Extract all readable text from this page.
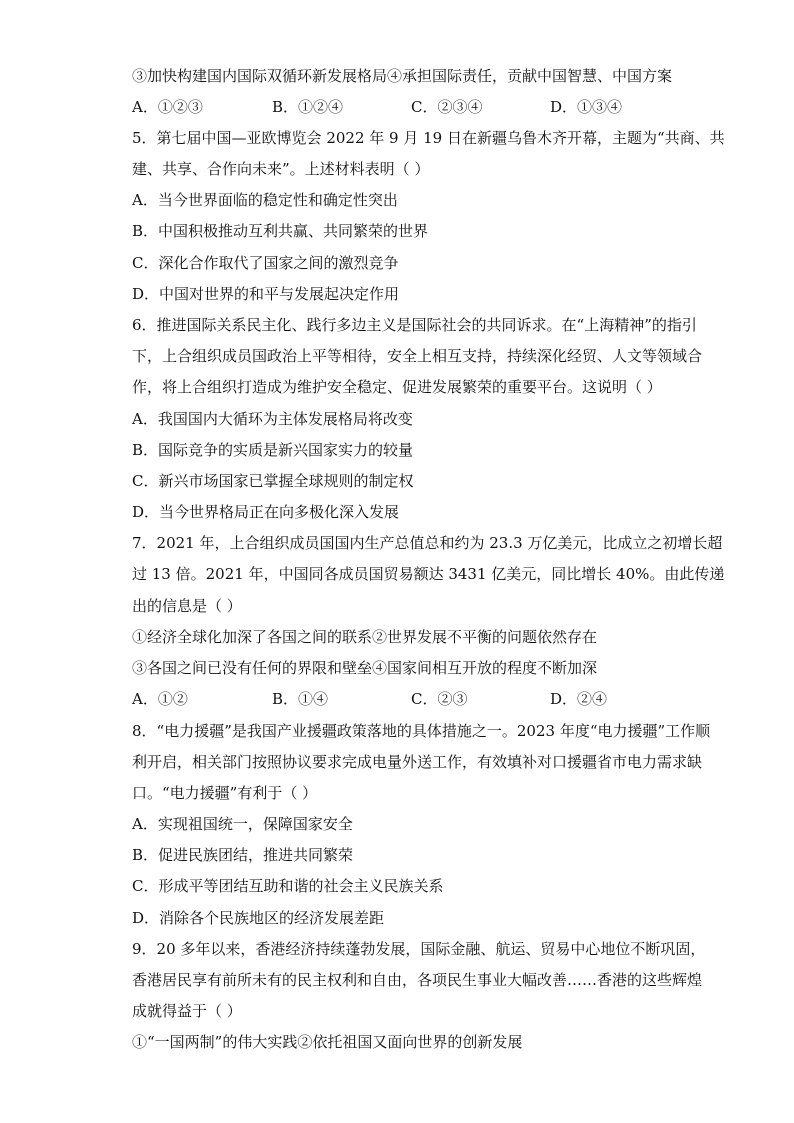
③加快构建国内国际双循环新发展格局④承担国际责任，贡献中国智慧、中国方案
A．①②③	B．①②④	C．②③④	D．①③④
5．第七届中国—亚欧博览会 2022 年 9 月 19 日在新疆乌鲁木齐开幕，主题为“共商、共
建、共享、合作向未来”。上述材料表明（ ）
A．当今世界面临的稳定性和确定性突出
B．中国积极推动互利共赢、共同繁荣的世界
C．深化合作取代了国家之间的激烈竞争
D．中国对世界的和平与发展起决定作用
6．推进国际关系民主化、践行多边主义是国际社会的共同诉求。在“上海精神”的指引
下，上合组织成员国政治上平等相待，安全上相互支持，持续深化经贸、人文等领域合
作，将上合组织打造成为维护安全稳定、促进发展繁荣的重要平台。这说明（ ）
A．我国国内大循环为主体发展格局将改变
B．国际竞争的实质是新兴国家实力的较量
C．新兴市场国家已掌握全球规则的制定权
D．当今世界格局正在向多极化深入发展
7．2021 年，上合组织成员国国内生产总值总和约为 23.3 万亿美元，比成立之初增长超
过 13 倍。2021 年，中国同各成员国贸易额达 3431 亿美元，同比增长 40%。由此传递
出的信息是（ ）
①经济全球化加深了各国之间的联系②世界发展不平衡的问题依然存在
③各国之间已没有任何的界限和壁垒④国家间相互开放的程度不断加深
A．①②	B．①④	C．②③	D．②④
8．“电力援疆”是我国产业援疆政策落地的具体措施之一。2023 年度“电力援疆”工作顺
利开启，相关部门按照协议要求完成电量外送工作，有效填补对口援疆省市电力需求缺
口。“电力援疆”有利于（ ）
A．实现祖国统一，保障国家安全
B．促进民族团结，推进共同繁荣
C．形成平等团结互助和谐的社会主义民族关系
D．消除各个民族地区的经济发展差距
9．20 多年以来，香港经济持续蓬勃发展，国际金融、航运、贸易中心地位不断巩固，
香港居民享有前所未有的民主权利和自由，各项民生事业大幅改善……香港的这些辉煌
成就得益于（ ）
①“一国两制”的伟大实践②依托祖国又面向世界的创新发展
